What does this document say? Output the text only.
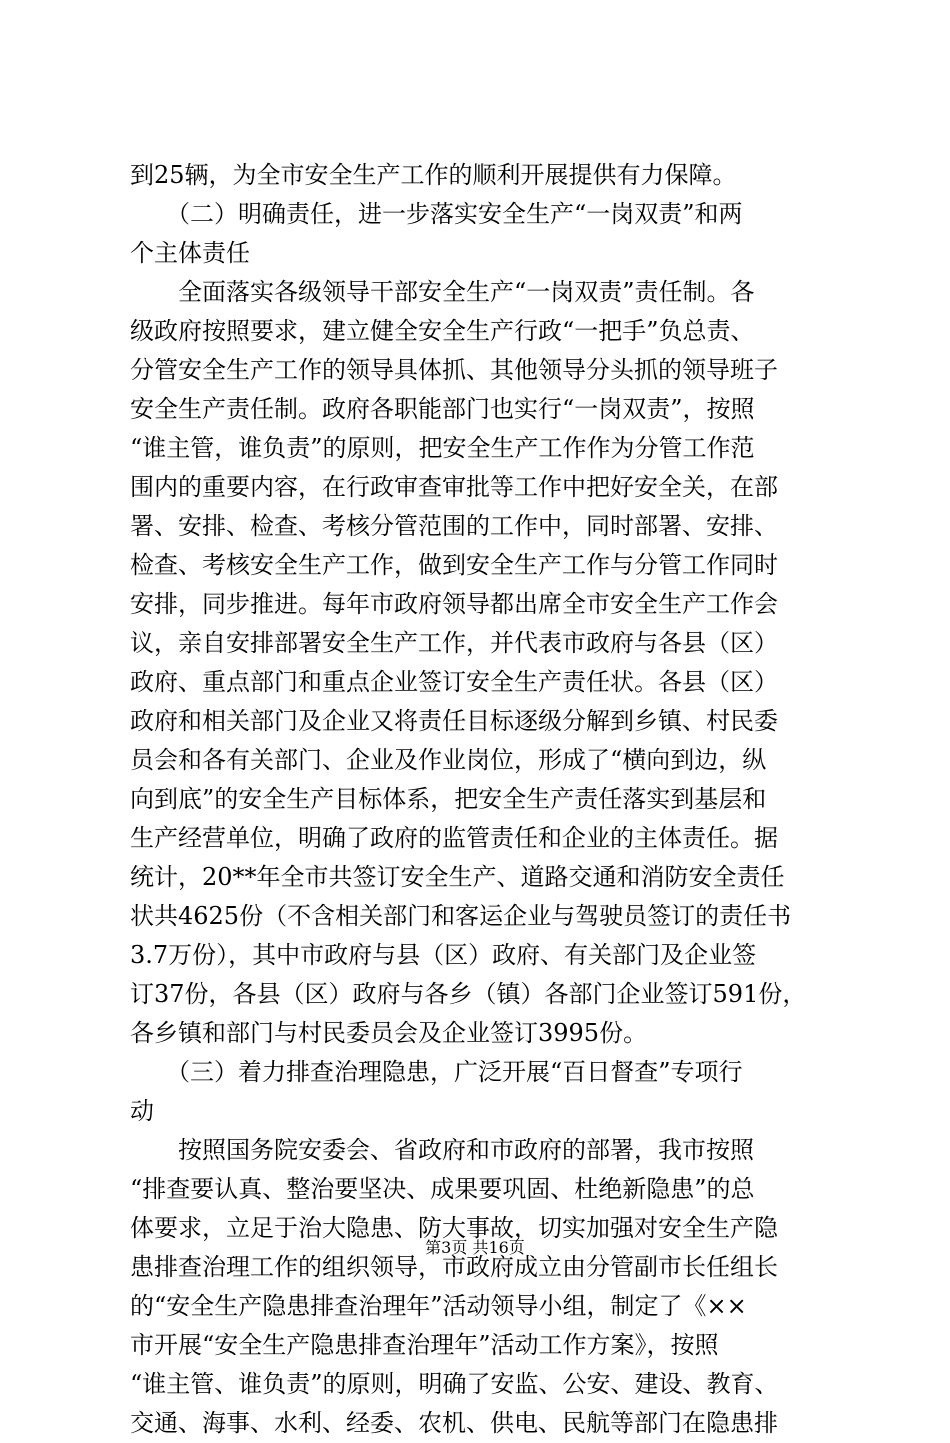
到25辆，为全市安全生产工作的顺利开展提供有力保障。
　　（二）明确责任，进一步落实安全生产“一岗双责”和两
个主体责任
　　全面落实各级领导干部安全生产“一岗双责”责任制。各
级政府按照要求，建立健全安全生产行政“一把手”负总责、
分管安全生产工作的领导具体抓、其他领导分头抓的领导班子
安全生产责任制。政府各职能部门也实行“一岗双责”，按照
“谁主管，谁负责”的原则，把安全生产工作作为分管工作范
围内的重要内容，在行政审查审批等工作中把好安全关，在部
署、安排、检查、考核分管范围的工作中，同时部署、安排、
检查、考核安全生产工作，做到安全生产工作与分管工作同时
安排，同步推进。每年市政府领导都出席全市安全生产工作会
议，亲自安排部署安全生产工作，并代表市政府与各县（区）
政府、重点部门和重点企业签订安全生产责任状。各县（区）
政府和相关部门及企业又将责任目标逐级分解到乡镇、村民委
员会和各有关部门、企业及作业岗位，形成了“横向到边，纵
向到底”的安全生产目标体系，把安全生产责任落实到基层和
生产经营单位，明确了政府的监管责任和企业的主体责任。据
统计，20**年全市共签订安全生产、道路交通和消防安全责任
状共4625份（不含相关部门和客运企业与驾驶员签订的责任书
3.7万份），其中市政府与县（区）政府、有关部门及企业签
订37份，各县（区）政府与各乡（镇）各部门企业签订591份，
各乡镇和部门与村民委员会及企业签订3995份。
　　（三）着力排查治理隐患，广泛开展“百日督查”专项行
动
　　按照国务院安委会、省政府和市政府的部署，我市按照
“排查要认真、整治要坚决、成果要巩固、杜绝新隐患”的总
体要求，立足于治大隐患、防大事故，切实加强对安全生产隐
患排查治理工作的组织领导，市政府成立由分管副市长任组长
的“安全生产隐患排查治理年”活动领导小组，制定了《××
市开展“安全生产隐患排查治理年”活动工作方案》，按照
“谁主管、谁负责”的原则，明确了安监、公安、建设、教育、
交通、海事、水利、经委、农机、供电、民航等部门在隐患排
第3页 共16页
